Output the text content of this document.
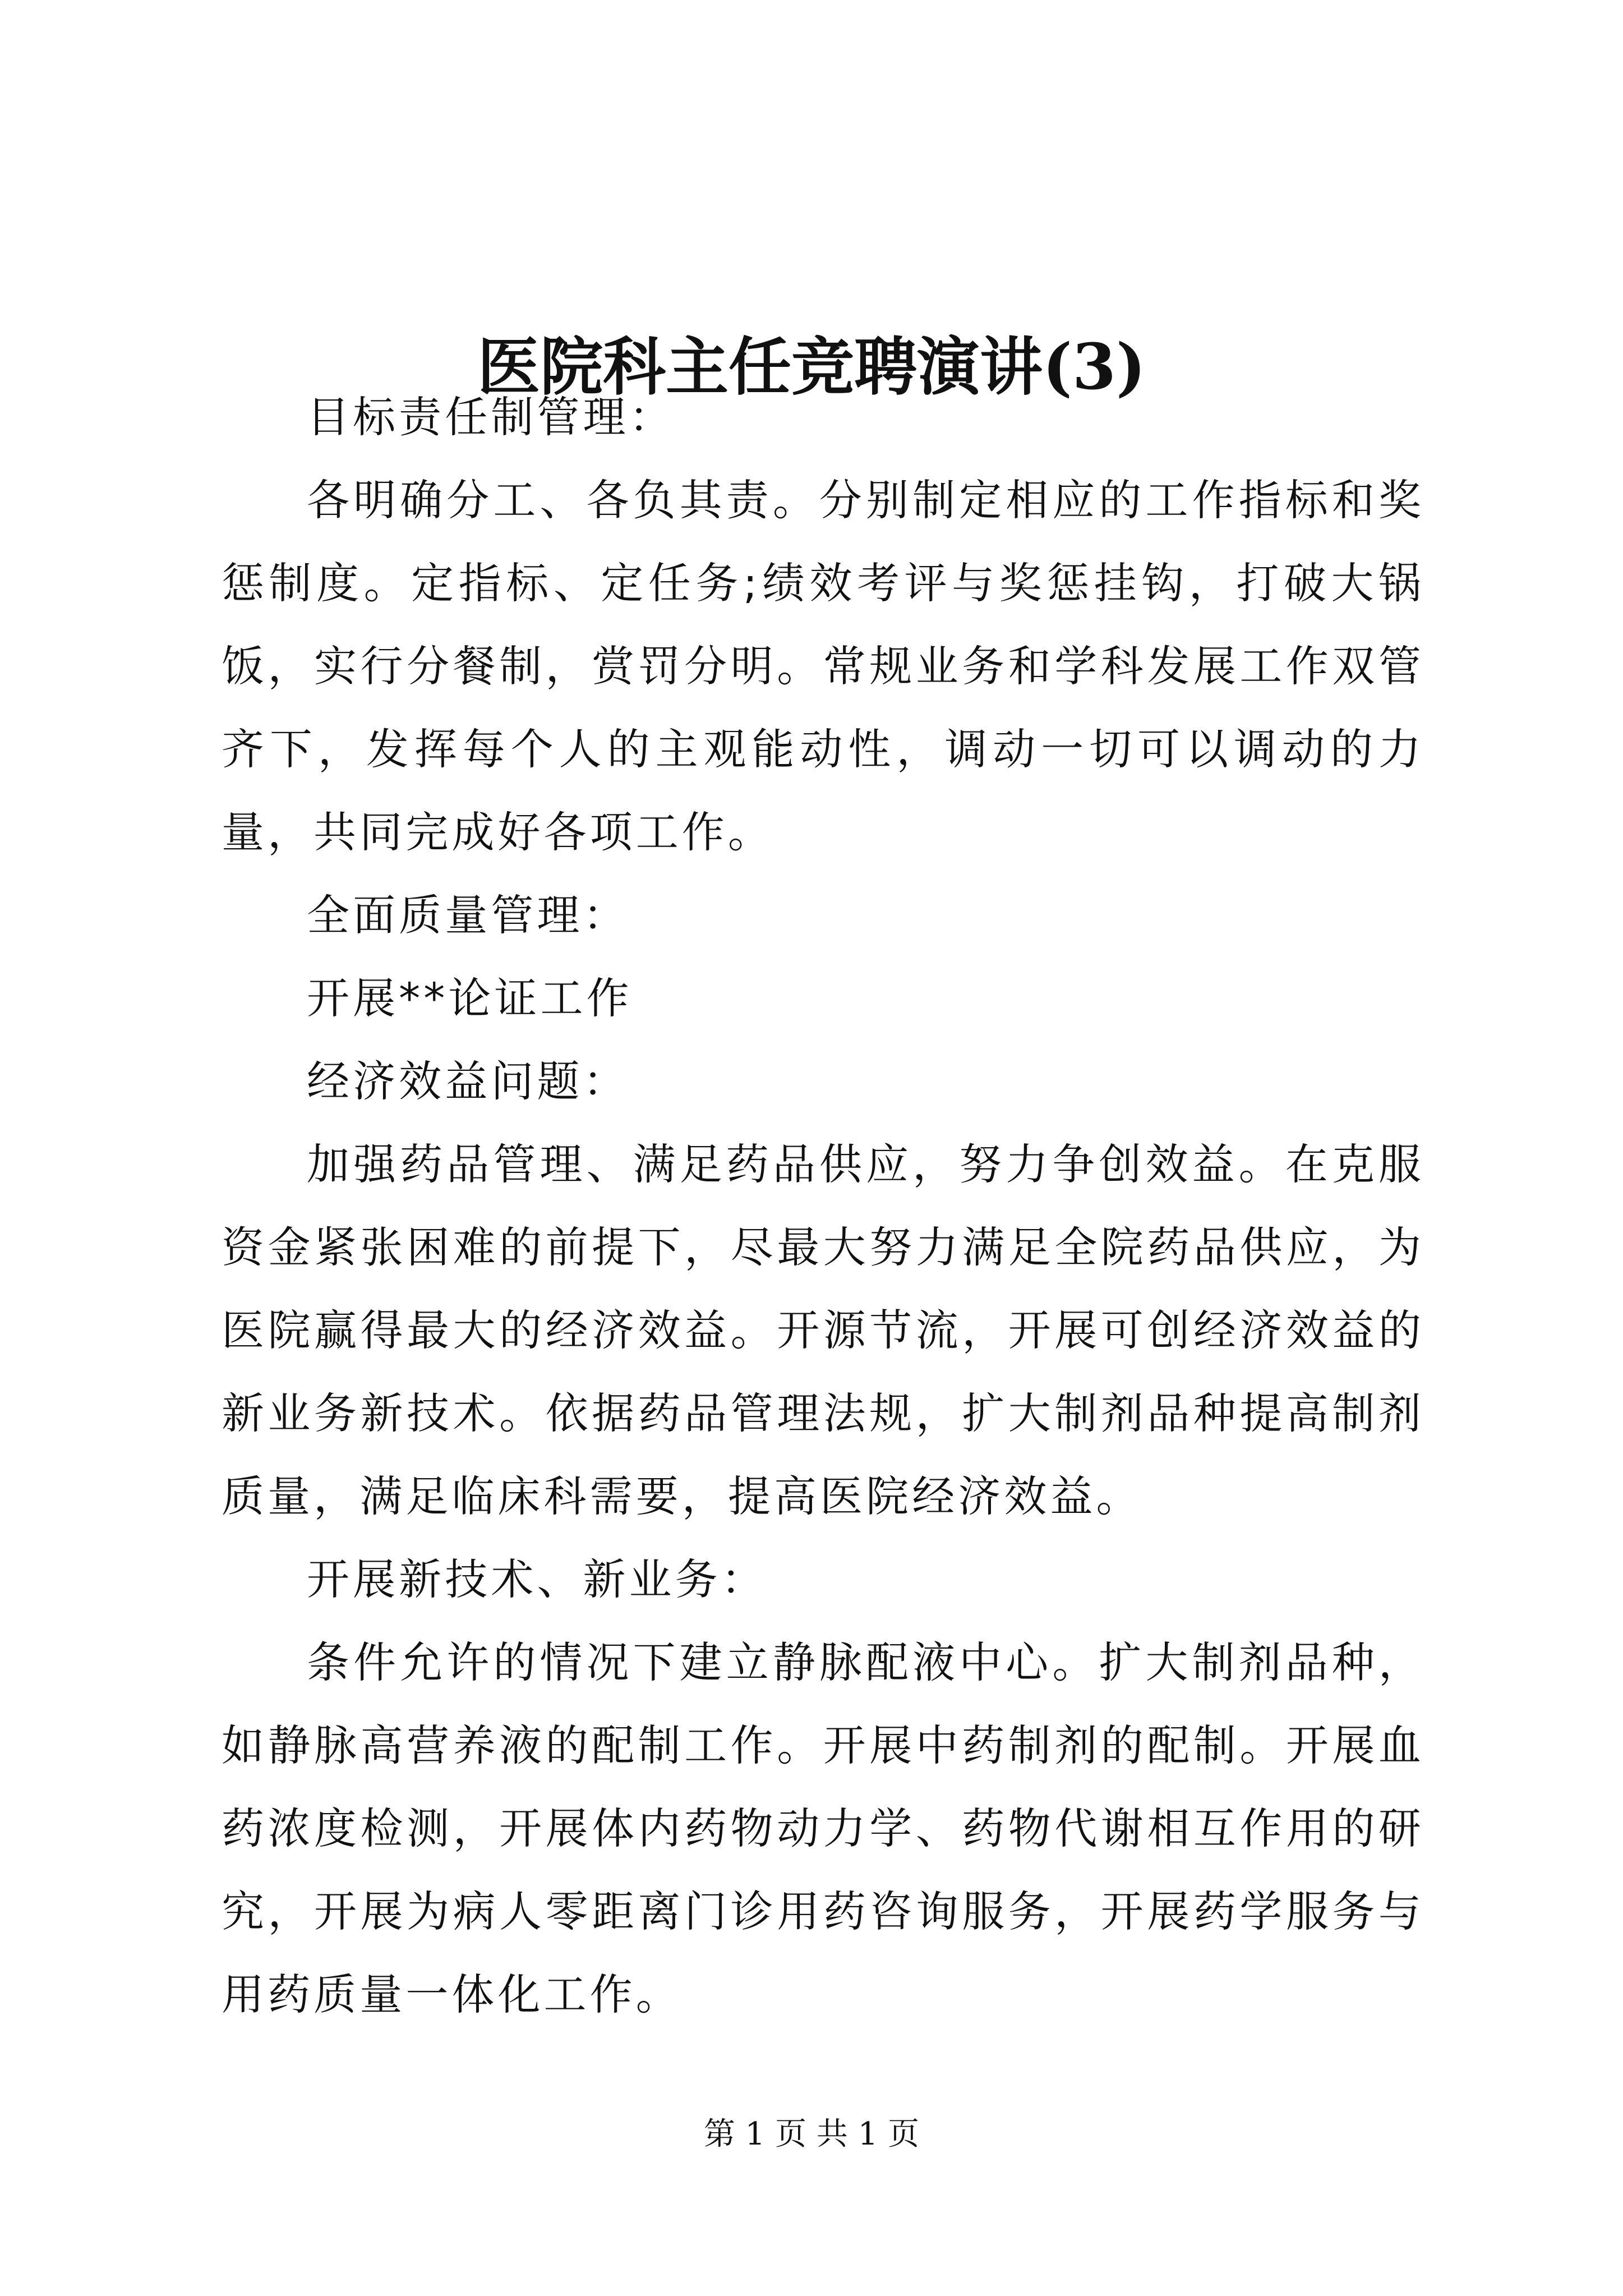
医院科主任竞聘演讲(3)

目标责任制管理：

各明确分工、各负其责。分别制定相应的工作指标和奖惩制度。定指标、定任务;绩效考评与奖惩挂钩，打破大锅饭，实行分餐制，赏罚分明。常规业务和学科发展工作双管齐下，发挥每个人的主观能动性，调动一切可以调动的力量，共同完成好各项工作。

全面质量管理：

开展**论证工作

经济效益问题：

加强药品管理、满足药品供应，努力争创效益。在克服资金紧张困难的前提下，尽最大努力满足全院药品供应，为医院赢得最大的经济效益。开源节流，开展可创经济效益的新业务新技术。依据药品管理法规，扩大制剂品种提高制剂质量，满足临床科需要，提高医院经济效益。

开展新技术、新业务：

条件允许的情况下建立静脉配液中心。扩大制剂品种，如静脉高营养液的配制工作。开展中药制剂的配制。开展血药浓度检测，开展体内药物动力学、药物代谢相互作用的研究，开展为病人零距离门诊用药咨询服务，开展药学服务与用药质量一体化工作。

第 1 页 共 1 页
